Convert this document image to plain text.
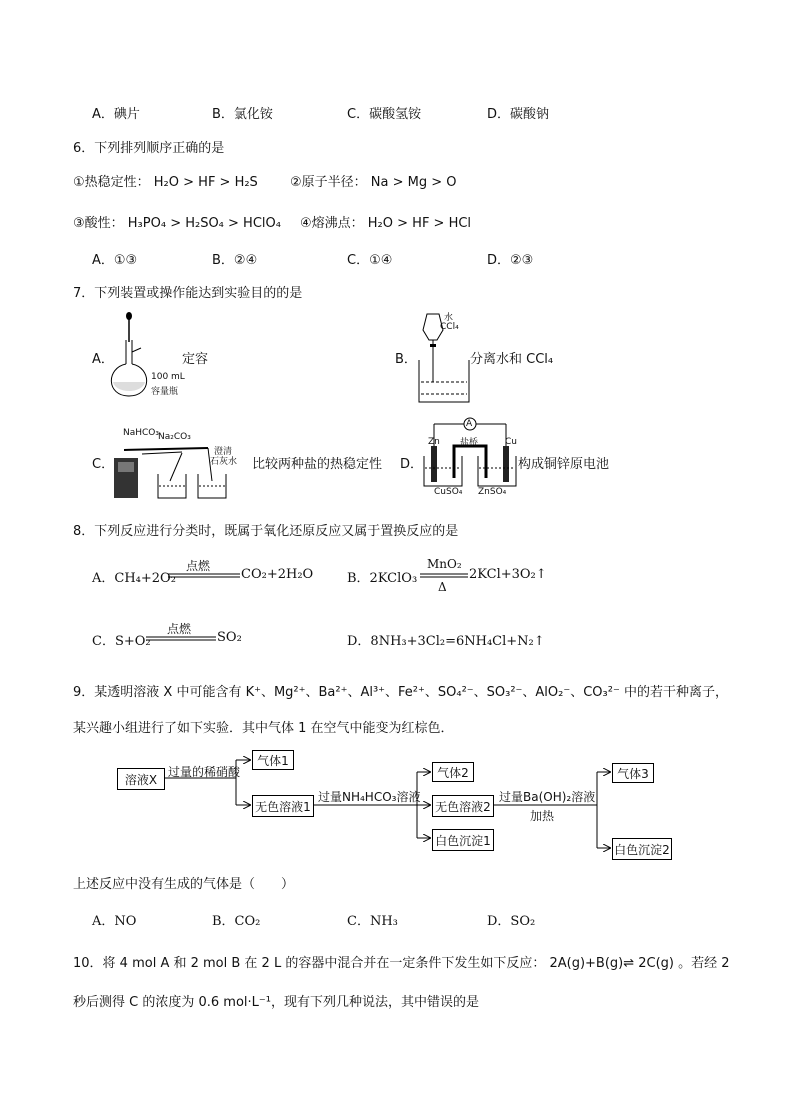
A．碘片	B．氯化铵	C．碳酸氢铵	D．碳酸钠
6．下列排列顺序正确的是
①热稳定性： H₂O > HF > H₂S ②原子半径： Na > Mg > O
③酸性： H₃PO₄ > H₂SO₄ > HClO₄ ④熔沸点： H₂O > HF > HCl
A．①③	B．②④	C．①④	D．②③
7．下列装置或操作能达到实验目的的是
A．
100 mL
容量瓶
定容	B．
水
CCl₄
分离水和 CCl₄
C．
NaHCO₃ Na₂CO₃
澄清
石灰水 比较两种盐的热稳定性 D．
A
Zn 盐桥	Cu
CuSO₄ ZnSO₄
构成铜锌原电池
8．下列反应进行分类时，既属于氧化还原反应又属于置换反应的是
A．CH₄+2O₂
点燃
CO₂+2H₂O	B．2KClO₃
MnO₂
Δ
2KCl+3O₂↑
C．S+O₂
点燃
SO₂	D．8NH₃+3Cl₂=6NH₄Cl+N₂↑
9．某透明溶液 X 中可能含有 K⁺、Mg²⁺、Ba²⁺、Al³⁺、Fe²⁺、SO₄²⁻、SO₃²⁻、AlO₂⁻、CO₃²⁻ 中的若干种离子，
某兴趣小组进行了如下实验．其中气体 1 在空气中能变为红棕色．
溶液X
过量的稀硝酸
气体1
无色溶液1
过量NH₄HCO₃溶液
气体2
无色溶液2
白色沉淀1
过量Ba(OH)₂溶液
加热
气体3
白色沉淀2
上述反应中没有生成的气体是（　　）
A．NO	B．CO₂	C．NH₃	D．SO₂
10．将 4 mol A 和 2 mol B 在 2 L 的容器中混合并在一定条件下发生如下反应： 2A(g)+B(g)⇌ 2C(g) 。若经 2
秒后测得 C 的浓度为 0.6 mol·L⁻¹，现有下列几种说法，其中错误的是
